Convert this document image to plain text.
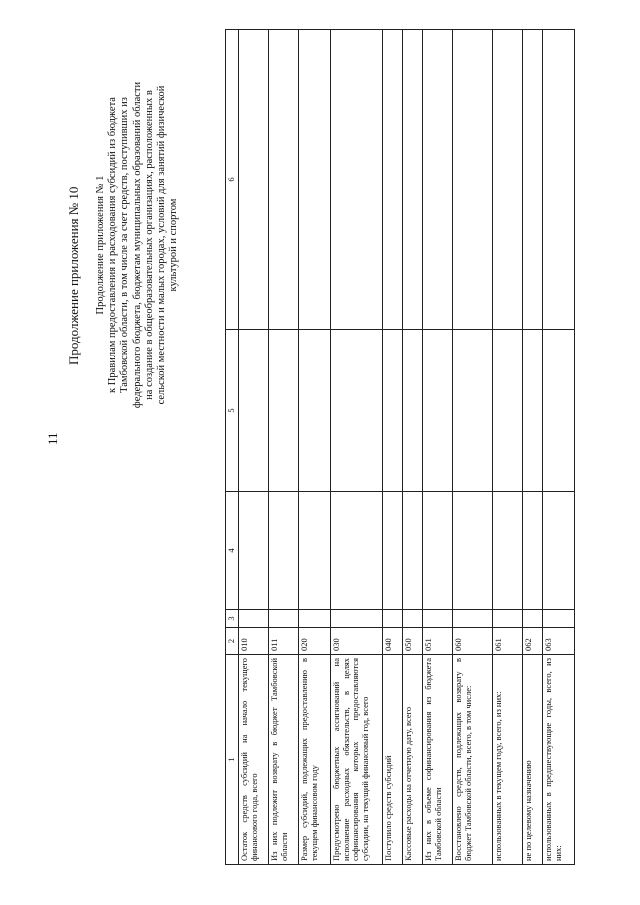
11
Продолжение приложения № 10 Продолжение приложения № 1 к Правилам предоставления и расходования субсидий из бюджета Тамбовской области, в том числе за счет средств, поступивших из федерального бюджета, бюджетам муниципальных образований области на создание в общеобразовательных организациях, расположенных в сельской местности и малых городах, условий для занятий физической культурой и спортом
1	2	3	4	5	6
Остаток средств субсидий на начало текущего финансового года, всего	010				
Из них подлежит возврату в бюджет Тамбовской области	011				
Размер субсидий, подлежащих предоставлению в текущем финансовом году	020				
Предусмотрено бюджетных ассигнований на исполнение расходных обязательств, в целях софинансирования которых предоставляются субсидии, на текущий финансовый год, всего	030				
Поступило средств субсидий	040				
Кассовые расходы на отчетную дату, всего	050				
Из них в объеме софинансирования из бюджета Тамбовской области	051				
Восстановлено средств, подлежащих возврату в бюджет Тамбовской области, всего, в том числе:	060				
использованных в текущем году, всего, из них:	061				
не по целевому назначению	062				
использованных в предшествующие годы, всего, из них:	063				
